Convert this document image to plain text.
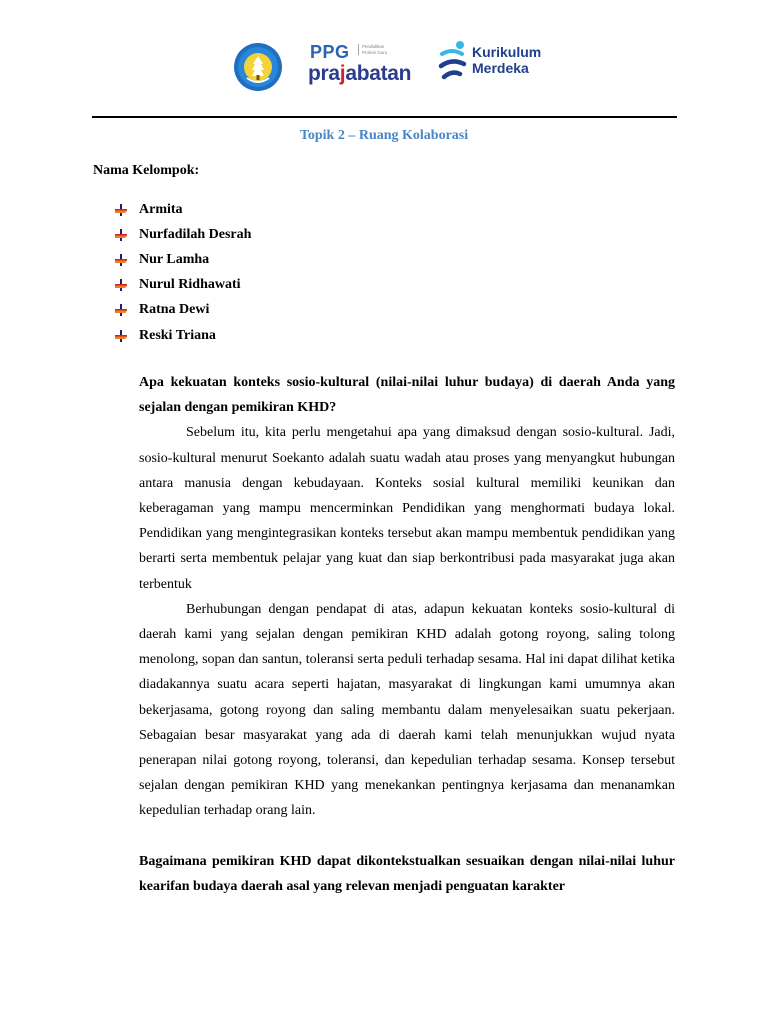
PPG	Pendidikan Profesi Guru
prajabatan
Kurikulum
Merdeka
Topik 2 – Ruang Kolaborasi
Nama Kelompok:
Armita
Nurfadilah Desrah
Nur Lamha
Nurul Ridhawati
Ratna Dewi
Reski Triana

Apa kekuatan konteks sosio-kultural (nilai-nilai luhur budaya) di daerah Anda yang sejalan dengan pemikiran KHD?

Sebelum itu, kita perlu mengetahui apa yang dimaksud dengan sosio-kultural. Jadi, sosio-kultural menurut Soekanto adalah suatu wadah atau proses yang menyangkut hubungan antara manusia dengan kebudayaan. Konteks sosial kultural memiliki keunikan dan keberagaman yang mampu mencerminkan Pendidikan yang menghormati budaya lokal. Pendidikan yang mengintegrasikan konteks tersebut akan mampu membentuk pendidikan yang berarti serta membentuk pelajar yang kuat dan siap berkontribusi pada masyarakat juga akan terbentuk

Berhubungan dengan pendapat di atas, adapun kekuatan konteks sosio-kultural di daerah kami yang sejalan dengan pemikiran KHD adalah gotong royong, saling tolong menolong, sopan dan santun, toleransi serta peduli terhadap sesama. Hal ini dapat dilihat ketika diadakannya suatu acara seperti hajatan, masyarakat di lingkungan kami umumnya akan bekerjasama, gotong royong dan saling membantu dalam menyelesaikan suatu pekerjaan. Sebagaian besar masyarakat yang ada di daerah kami telah menunjukkan wujud nyata penerapan nilai gotong royong, toleransi, dan kepedulian terhadap sesama. Konsep tersebut sejalan dengan pemikiran KHD yang menekankan pentingnya kerjasama dan menanamkan kepedulian terhadap orang lain.

Bagaimana pemikiran KHD dapat dikontekstualkan sesuaikan dengan nilai-nilai luhur kearifan budaya daerah asal yang relevan menjadi penguatan karakter
